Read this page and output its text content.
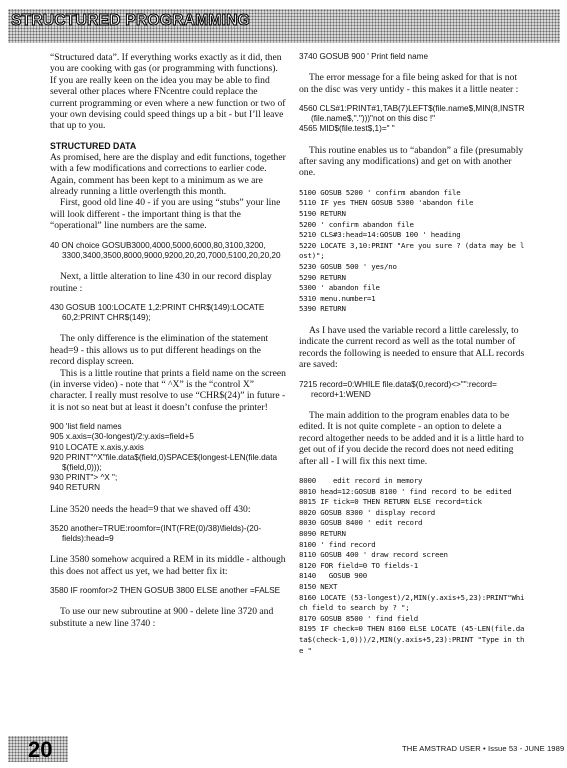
STRUCTURED PROGRAMMING

“Structured data”. If everything works exactly as it did, then you are cooking with gas (or programming with functions). If you are really keen on the idea you may be able to find several other places where FNcentre could replace the current programming or even where a new function or two of your own devising could speed things up a bit - but I’ll leave that up to you.

STRUCTURED DATA

As promised, here are the display and edit functions, together with a few modifications and corrections to earlier code. Again, comment has been kept to a minimum as we are already running a little overlength this month.

First, good old line 40 - if you are using “stubs” your line will look different - the important thing is that the “operational” line numbers are the same.

40 ON choice GOSUB3000,4000,5000,6000,80,3100,3200, 3300,3400,3500,8000,9000,9200,20,20,7000,5100,20,20,20

Next, a little alteration to line 430 in our record display routine :

430 GOSUB 100:LOCATE 1,2:PRINT CHR$(149):LOCATE 60,2:PRINT CHR$(149);

The only difference is the elimination of the statement head=9 - this allows us to put different headings on the record display screen.

This is a little routine that prints a field name on the screen (in inverse video) - note that “ ^X” is the “control X” character. I really must resolve to use “CHR$(24)” in future - it is not so neat but at least it doesn’t confuse the printer!

900 'list field names
905 x.axis=(30-longest)/2:y.axis=field+5
910 LOCATE x.axis,y.axis
920 PRINT"^X"file.data$(field,0)SPACE$(longest-LEN(file.data $(field,0)));
930 PRINT"> ^X ";
940 RETURN

Line 3520 needs the head=9 that we shaved off 430:

3520 another=TRUE:roomfor=(INT(FRE(0)/38)\fields)-(20-fields):head=9

Line 3580 somehow acquired a REM in its middle - although this does not affect us yet, we had better fix it:

3580 IF roomfor>2 THEN GOSUB 3800 ELSE another =FALSE

To use our new subroutine at 900 - delete line 3720 and substitute a new line 3740 :

3740 GOSUB 900 ' Print field name

The error message for a file being asked for that is not on the disc was very untidy - this makes it a little neater :

4560 CLS#1:PRINT#1,TAB(7)LEFT$(file.name$,MIN(8,INSTR (file.name$,".")))"not on this disc !"
4565 MID$(file.test$,1)=" "

This routine enables us to “abandon” a file (presumably after saving any modifications) and get on with another one.

5100 GOSUB 5200 ' confirm abandon file
5110 IF yes THEN GOSUB 5300 'abandon file
5190 RETURN
5200 ' confirm abandon file
5210 CLS#3:head=14:GOSUB 100 ' heading
5220 LOCATE 3,10:PRINT "Are you sure ? (data may be lost)";
5230 GOSUB 500 ' yes/no
5290 RETURN
5300 ' abandon file
5310 menu.number=1
5390 RETURN

As I have used the variable record a little carelessly, to indicate the current record as well as the total number of records the following is needed to ensure that ALL records are saved:

7215 record=0:WHILE file.data$(0,record)<>"":record= record+1:WEND

The main addition to the program enables data to be edited. It is not quite complete - an option to delete a record altogether needs to be added and it is a little hard to get out of if you decide the record does not need editing after all - I will fix this next time.

8000    edit record in memory
8010 head=12:GOSUB 8100 ' find record to be edited
8015 IF tick=0 THEN RETURN ELSE record=tick
8020 GOSUB 8300 ' display record
8030 GOSUB 8400 ' edit record
8090 RETURN
8100 ' find record
8110 GOSUB 400 ' draw record screen
8120 FOR field=0 TO fields-1
8140   GOSUB 900
8150 NEXT
8160 LOCATE (53-longest)/2,MIN(y.axis+5,23):PRINT"Which field to search by ? ";
8170 GOSUB 8500 ' find field
8195 IF check=0 THEN 8160 ELSE LOCATE (45-LEN(file.data$(check-1,0)))/2,MIN(y.axis+5,23):PRINT "Type in the "
20	THE AMSTRAD USER • Issue 53 - JUNE 1989
